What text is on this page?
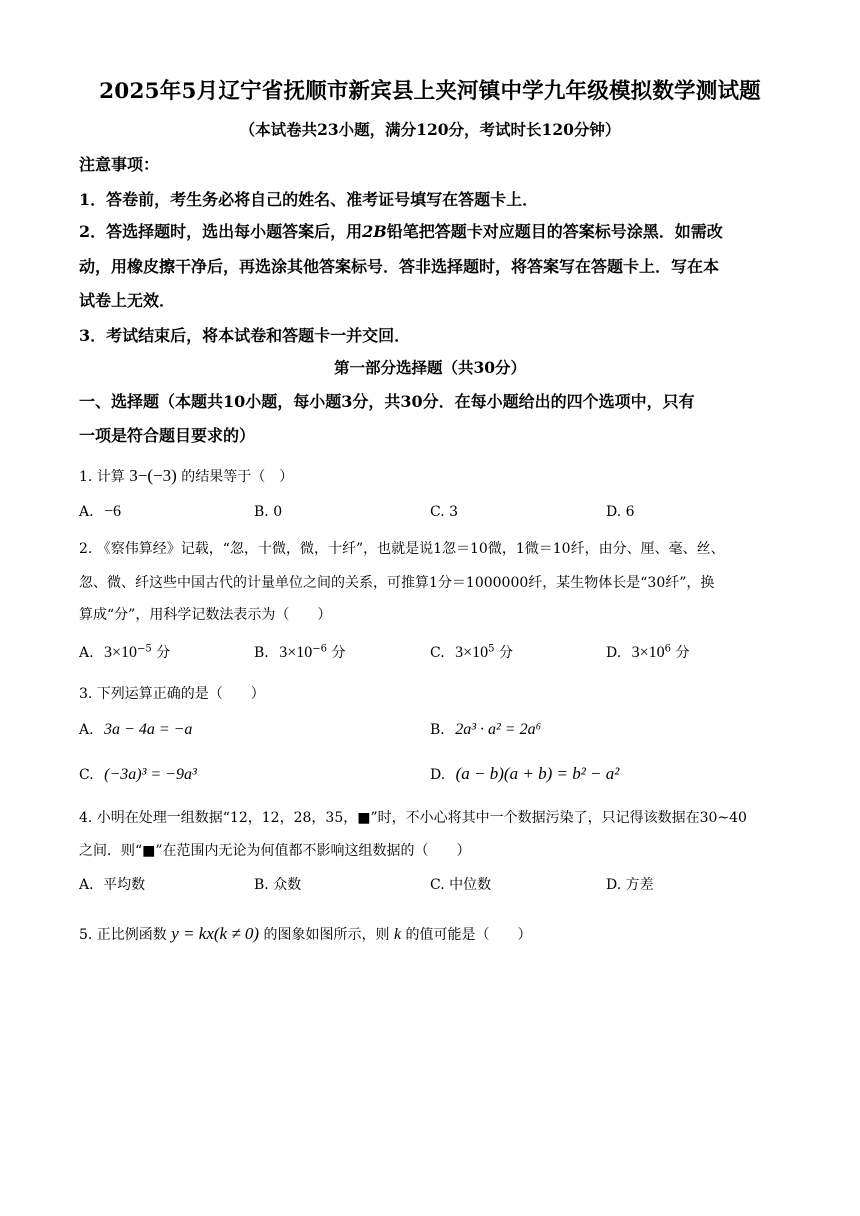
2025年5月辽宁省抚顺市新宾县上夹河镇中学九年级模拟数学测试题
（本试卷共23小题，满分120分，考试时长120分钟）
注意事项：
1．答卷前，考生务必将自己的姓名、准考证号填写在答题卡上．
2．答选择题时，选出每小题答案后，用2B铅笔把答题卡对应题目的答案标号涂黑．如需改
动，用橡皮擦干净后，再选涂其他答案标号．答非选择题时，将答案写在答题卡上．写在本
试卷上无效．
3．考试结束后，将本试卷和答题卡一并交回．
第一部分选择题（共30分）
一、选择题（本题共10小题，每小题3分，共30分．在每小题给出的四个选项中，只有
一项是符合题目要求的）
1. 计算 3−(−3) 的结果等于（　）
A. −6	B. 0	C. 3	D. 6
2. 《察伟算经》记载，“忽，十微，微，十纤”，也就是说1忽＝10微，1微＝10纤，由分、厘、毫、丝、
忽、微、纤这些中国古代的计量单位之间的关系，可推算1分＝1000000纤，某生物体长是“30纤”，换
算成“分”，用科学记数法表示为（　　）
A. $3\times 10^{-5}$ 分	B. $3\times 10^{-6}$ 分	C. $3\times 10^5$ 分	D. $3\times 10^6$ 分
3. 下列运算正确的是（　　）
A. 3a − 4a = −a	B. 2a³ · a² = 2a⁶
C. (−3a)³ = −9a³	D. (a − b)(a + b) = b² − a²
4. 小明在处理一组数据“12，12，28，35，■”时，不小心将其中一个数据污染了，只记得该数据在30~40
之间．则“■”在范围内无论为何值都不影响这组数据的（　　）
A．平均数	B. 众数	C. 中位数	D. 方差
5. 正比例函数 y = kx(k ≠ 0) 的图象如图所示，则 k 的值可能是（　　）
